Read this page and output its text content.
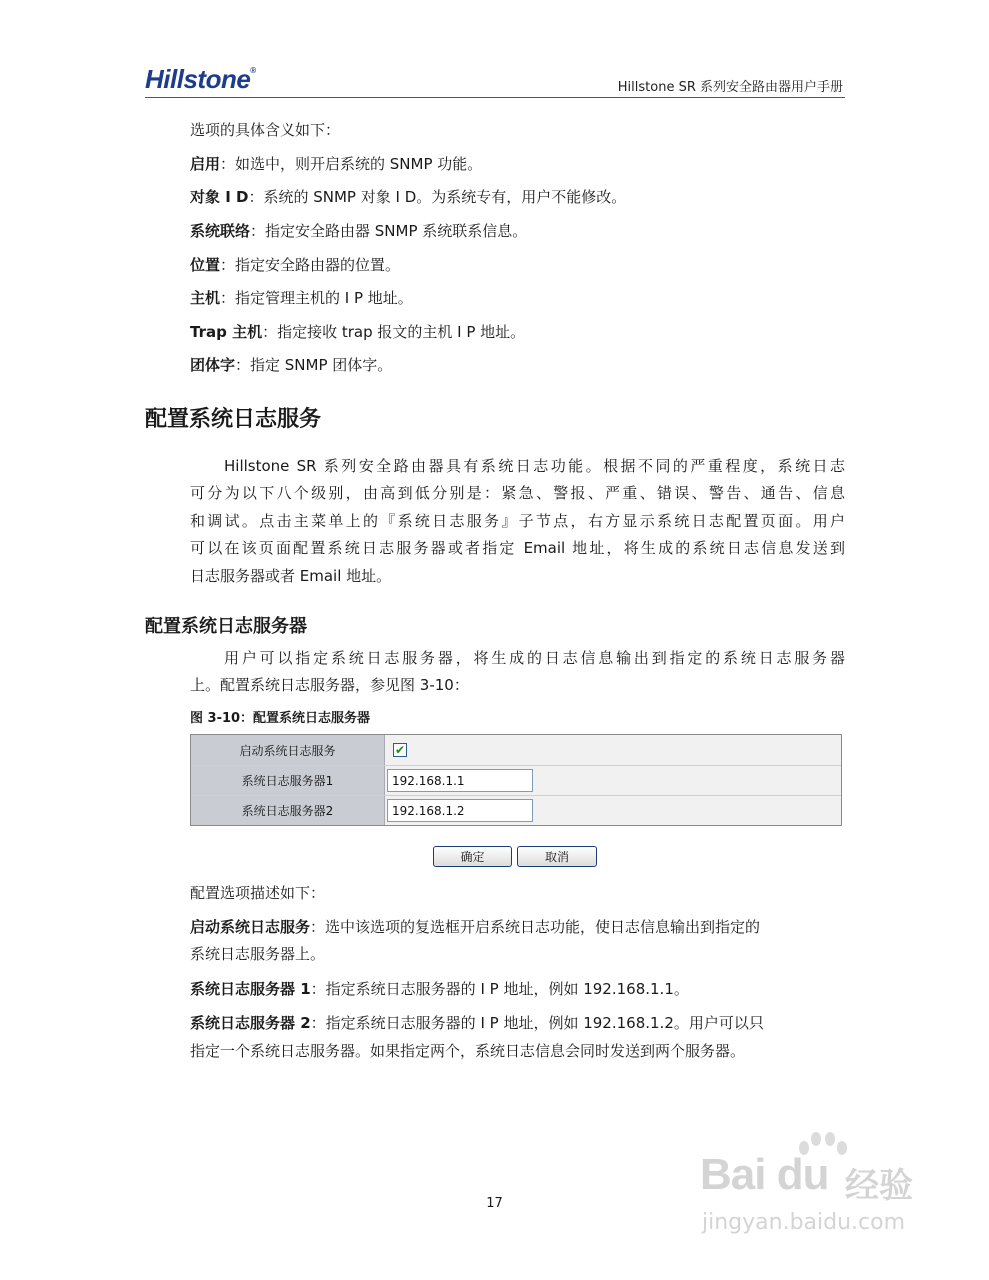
Hillstone®
Hillstone SR 系列安全路由器用户手册
选项的具体含义如下：
启用：如选中，则开启系统的 SNMP 功能。
对象 I D：系统的 SNMP 对象 I D。为系统专有，用户不能修改。
系统联络：指定安全路由器 SNMP 系统联系信息。
位置：指定安全路由器的位置。
主机：指定管理主机的 I P 地址。
Trap 主机：指定接收 trap 报文的主机 I P 地址。
团体字：指定 SNMP 团体字。
配置系统日志服务
Hillstone SR 系列安全路由器具有系统日志功能。根据不同的严重程度，系统日志
可分为以下八个级别，由高到低分别是：紧急、警报、严重、错误、警告、通告、信息
和调试。点击主菜单上的『系统日志服务』子节点，右方显示系统日志配置页面。用户
可以在该页面配置系统日志服务器或者指定 Email 地址，将生成的系统日志信息发送到
日志服务器或者 Email 地址。
配置系统日志服务器
用户可以指定系统日志服务器，将生成的日志信息输出到指定的系统日志服务器
上。配置系统日志服务器，参见图 3-10：
图 3-10：配置系统日志服务器
启动系统日志服务	✔
系统日志服务器1	192.168.1.1
系统日志服务器2	192.168.1.2
确定	取消
配置选项描述如下：
启动系统日志服务：选中该选项的复选框开启系统日志功能，使日志信息输出到指定的
系统日志服务器上。
系统日志服务器 1：指定系统日志服务器的 I P 地址，例如 192.168.1.1。
系统日志服务器 2：指定系统日志服务器的 I P 地址，例如 192.168.1.2。用户可以只
指定一个系统日志服务器。如果指定两个，系统日志信息会同时发送到两个服务器。
17
Bai du 经验
jingyan.baidu.com
